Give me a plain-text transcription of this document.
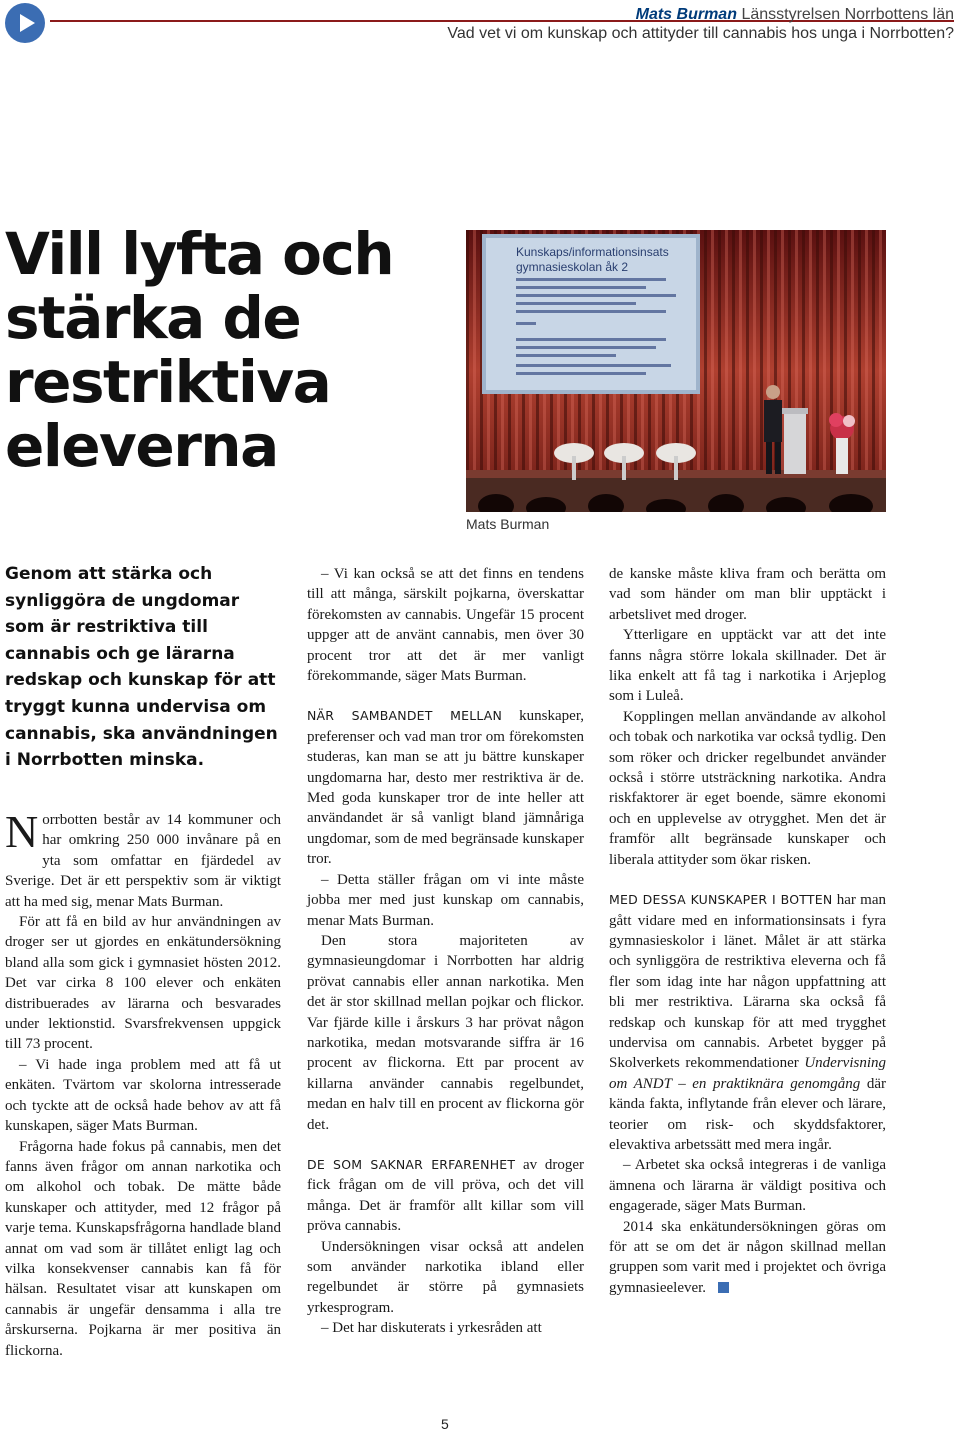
Mats Burman Länsstyrelsen Norrbottens län
Vad vet vi om kunskap och attityder till cannabis hos unga i Norrbotten?
Vill lyfta och stärka de restriktiva eleverna
Kunskaps/informationsinsats
gymnasieskolan åk 2
Mats Burman

Genom att stärka och synliggöra de ungdomar som är restriktiva till cannabis och ge lärarna redskap och kunskap för att tryggt kunna undervisa om cannabis, ska användningen i Norrbotten minska.

Norrbotten består av 14 kommuner och har omkring 250 000 invånare på en yta som omfattar en fjärdedel av Sverige. Det är ett perspektiv som är viktigt att ha med sig, menar Mats Burman.

För att få en bild av hur användningen av droger ser ut gjordes en enkätundersökning bland alla som gick i gymnasiet hösten 2012. Det var cirka 8 100 elever och enkäten distribuerades av lärarna och besvarades under lektionstid. Svarsfrekvensen uppgick till 73 procent.

– Vi hade inga problem med att få ut enkäten. Tvärtom var skolorna intresserade och tyckte att de också hade behov av att få kunskapen, säger Mats Burman.

Frågorna hade fokus på cannabis, men det fanns även frågor om annan narkotika och om alkohol och tobak. De mätte både kunskaper och attityder, med 12 frågor på varje tema. Kunskapsfrågorna handlade bland annat om vad som är tillåtet enligt lag och vilka konsekvenser cannabis kan få för hälsan. Resultatet visar att kunskapen om cannabis är ungefär densamma i alla tre årskurserna. Pojkarna är mer positiva än flickorna.

– Vi kan också se att det finns en tendens till att många, särskilt pojkarna, överskattar förekomsten av cannabis. Ungefär 15 procent uppger att de använt cannabis, men över 30 procent tror att det är mer vanligt förekommande, säger Mats Burman.

NÄR SAMBANDET MELLAN kunskaper, preferenser och vad man tror om förekomsten studeras, kan man se att ju bättre kunskaper ungdomarna har, desto mer restriktiva är de. Med goda kunskaper tror de inte heller att användandet är så vanligt bland jämnåriga ungdomar, som de med begränsade kunskaper tror.

– Detta ställer frågan om vi inte måste jobba mer med just kunskap om cannabis, menar Mats Burman.

Den stora majoriteten av gymnasieungdomar i Norrbotten har aldrig prövat cannabis eller annan narkotika. Men det är stor skillnad mellan pojkar och flickor. Var fjärde kille i årskurs 3 har prövat någon narkotika, medan motsvarande siffra är 16 procent av flickorna. Ett par procent av killarna använder cannabis regelbundet, medan en halv till en procent av flickorna gör det.

DE SOM SAKNAR ERFARENHET av droger fick frågan om de vill pröva, och det vill många. Det är framför allt killar som vill pröva cannabis.

Undersökningen visar också att andelen som använder narkotika ibland eller regelbundet är större på gymnasiets yrkesprogram.

– Det har diskuterats i yrkesråden att

de kanske måste kliva fram och berätta om vad som händer om man blir upptäckt i arbetslivet med droger.

Ytterligare en upptäckt var att det inte fanns några större lokala skillnader. Det är lika enkelt att få tag i narkotika i Arjeplog som i Luleå.

Kopplingen mellan användande av alkohol och tobak och narkotika var också tydlig. Den som röker och dricker regelbundet använder också i större utsträckning narkotika. Andra riskfaktorer är eget boende, sämre ekonomi och en upplevelse av otrygghet. Men det är framför allt begränsade kunskaper och liberala attityder som ökar risken.

MED DESSA KUNSKAPER I BOTTEN har man gått vidare med en informationsinsats i fyra gymnasieskolor i länet. Målet är att stärka och synliggöra de restriktiva eleverna och få fler som idag inte har någon uppfattning att bli mer restriktiva. Lärarna ska också få redskap och kunskap för att med trygghet undervisa om cannabis. Arbetet bygger på Skolverkets rekommendationer Undervisning om ANDT – en praktiknära genomgång där kända fakta, inflytande från elever och lärare, teorier om risk- och skyddsfaktorer, elevaktiva arbetssätt med mera ingår.

– Arbetet ska också integreras i de vanliga ämnena och lärarna är väldigt positiva och engagerade, säger Mats Burman.

2014 ska enkätundersökningen göras om för att se om det är någon skillnad mellan gruppen som varit med i projektet och övriga gymnasieelever.

5
